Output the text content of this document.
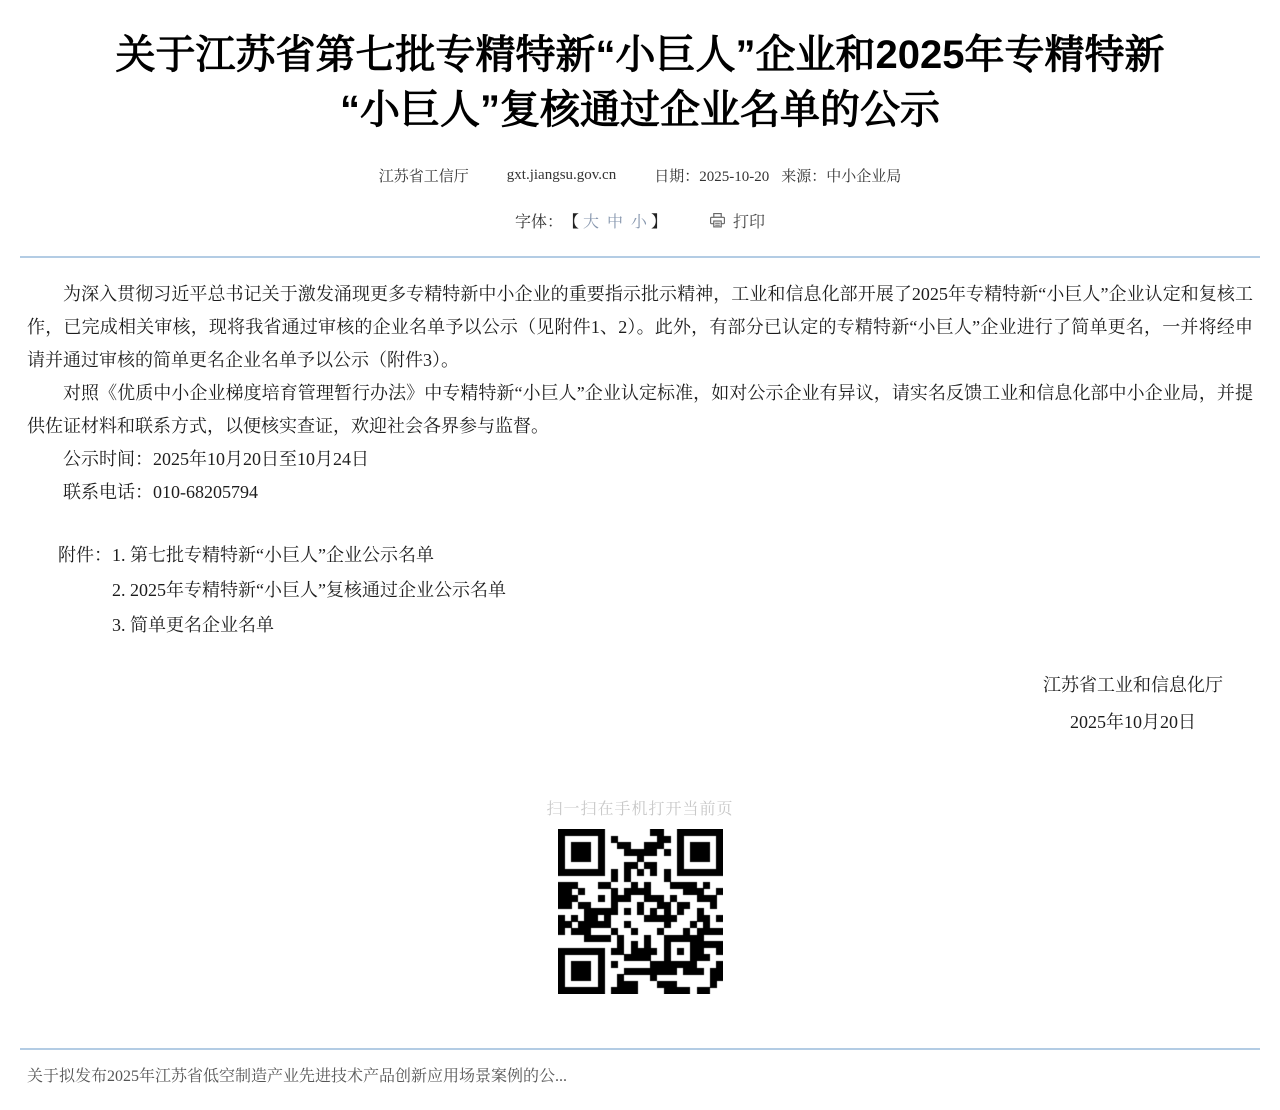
关于江苏省第七批专精特新“小巨人”企业和2025年专精特新
“小巨人”复核通过企业名单的公示
江苏省工信厅	gxt.jiangsu.gov.cn	日期：2025-10-20 来源：中小企业局
字体： 【 大 中 小 】	打印

为深入贯彻习近平总书记关于激发涌现更多专精特新中小企业的重要指示批示精神，工业和信息化部开展了2025年专精特新“小巨人”企业认定和复核工作，已完成相关审核，现将我省通过审核的企业名单予以公示（见附件1、2）。此外，有部分已认定的专精特新“小巨人”企业进行了简单更名，一并将经申请并通过审核的简单更名企业名单予以公示（附件3）。

对照《优质中小企业梯度培育管理暂行办法》中专精特新“小巨人”企业认定标准，如对公示企业有异议，请实名反馈工业和信息化部中小企业局，并提供佐证材料和联系方式，以便核实查证，欢迎社会各界参与监督。

公示时间：2025年10月20日至10月24日
联系电话：010-68205794
附件：1. 第七批专精特新“小巨人”企业公示名单
2. 2025年专精特新“小巨人”复核通过企业公示名单
3. 简单更名企业名单
江苏省工业和信息化厅
2025年10月20日
扫一扫在手机打开当前页
关于拟发布2025年江苏省低空制造产业先进技术产品创新应用场景案例的公...
